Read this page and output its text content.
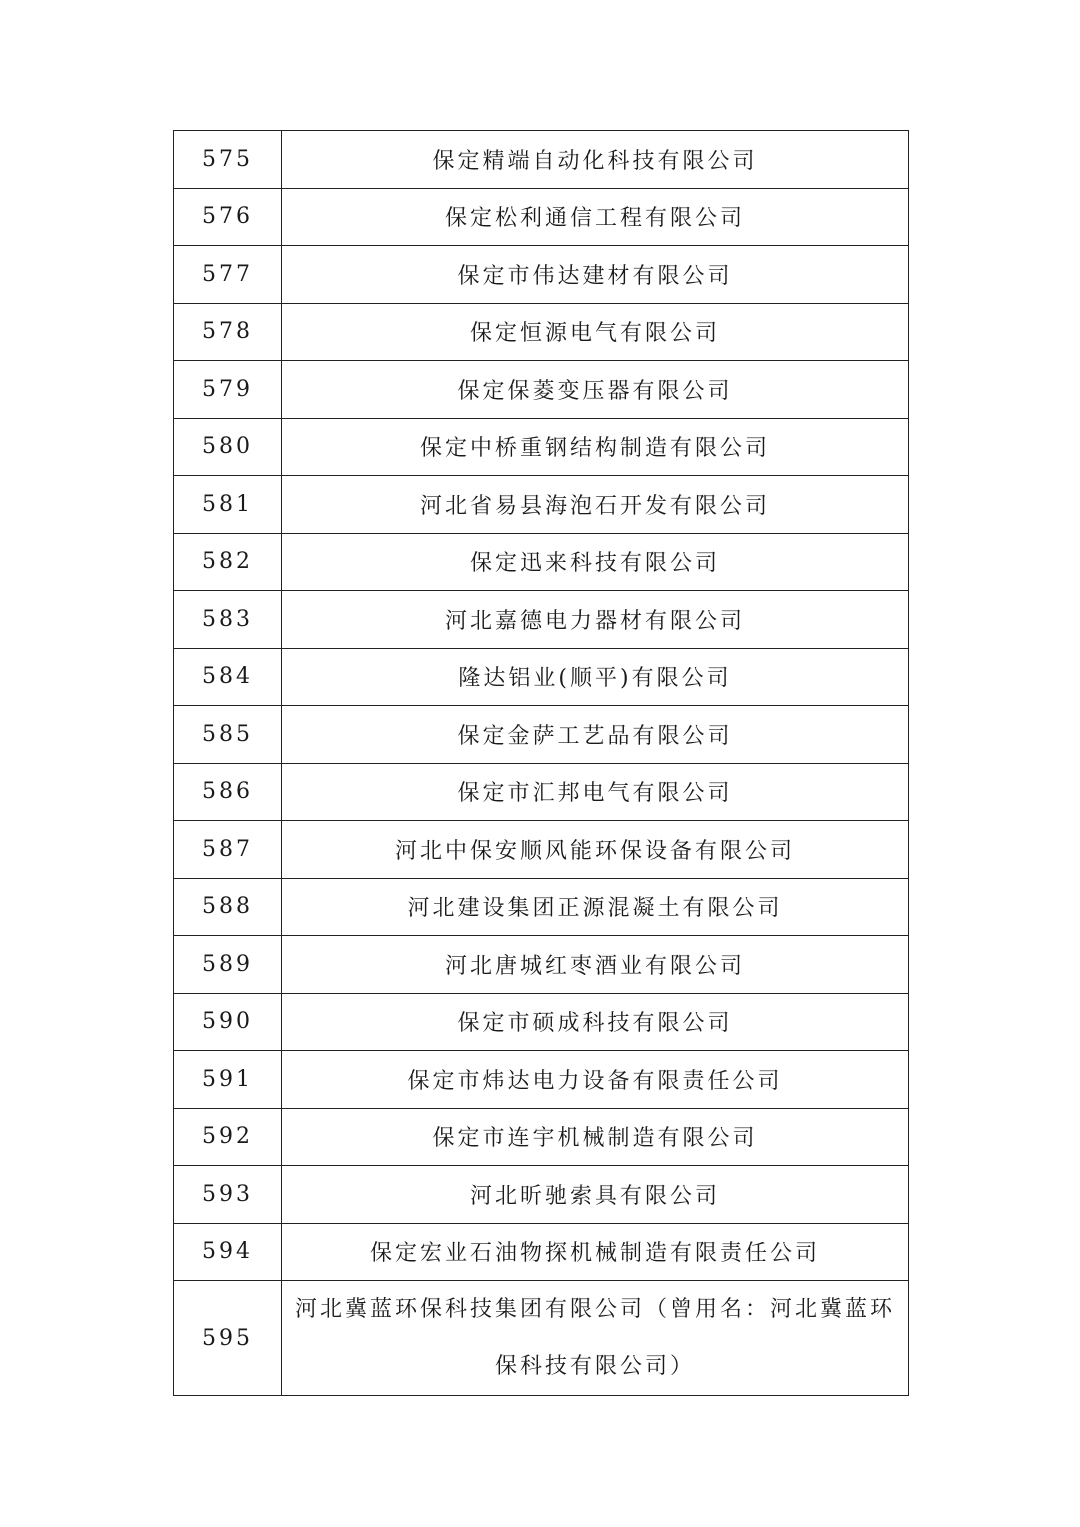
575	保定精端自动化科技有限公司
576	保定松利通信工程有限公司
577	保定市伟达建材有限公司
578	保定恒源电气有限公司
579	保定保菱变压器有限公司
580	保定中桥重钢结构制造有限公司
581	河北省易县海泡石开发有限公司
582	保定迅来科技有限公司
583	河北嘉德电力器材有限公司
584	隆达铝业(顺平)有限公司
585	保定金萨工艺品有限公司
586	保定市汇邦电气有限公司
587	河北中保安顺风能环保设备有限公司
588	河北建设集团正源混凝土有限公司
589	河北唐城红枣酒业有限公司
590	保定市硕成科技有限公司
591	保定市炜达电力设备有限责任公司
592	保定市连宇机械制造有限公司
593	河北昕驰索具有限公司
594	保定宏业石油物探机械制造有限责任公司
595	河北冀蓝环保科技集团有限公司（曾用名：河北冀蓝环保科技有限公司）
